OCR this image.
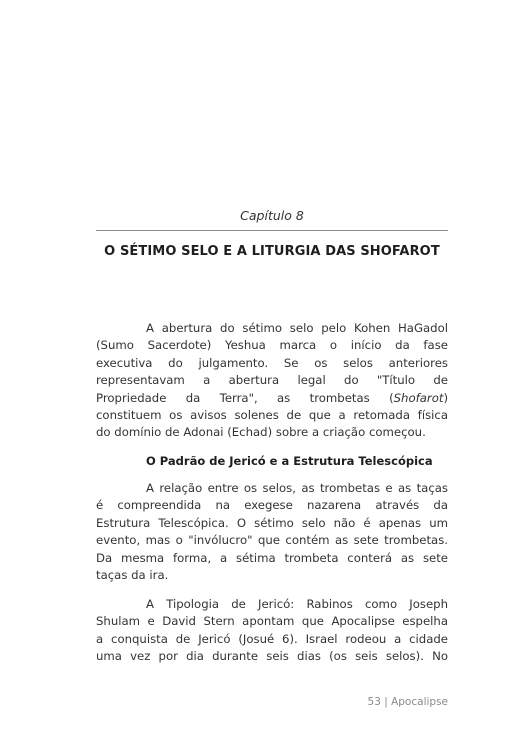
Capítulo 8
O SÉTIMO SELO E A LITURGIA DAS SHOFAROT
A abertura do sétimo selo pelo Kohen HaGadol
(Sumo Sacerdote) Yeshua marca o início da fase
executiva do julgamento. Se os selos anteriores
representavam a abertura legal do "Título de
Propriedade da Terra", as trombetas (Shofarot)
constituem os avisos solenes de que a retomada física
do domínio de Adonai (Echad) sobre a criação começou.
O Padrão de Jericó e a Estrutura Telescópica
A relação entre os selos, as trombetas e as taças
é compreendida na exegese nazarena através da
Estrutura Telescópica. O sétimo selo não é apenas um
evento, mas o "invólucro" que contém as sete trombetas.
Da mesma forma, a sétima trombeta conterá as sete
taças da ira.
A Tipologia de Jericó: Rabinos como Joseph
Shulam e David Stern apontam que Apocalipse espelha
a conquista de Jericó (Josué 6). Israel rodeou a cidade
uma vez por dia durante seis dias (os seis selos). No
53 | Apocalipse
